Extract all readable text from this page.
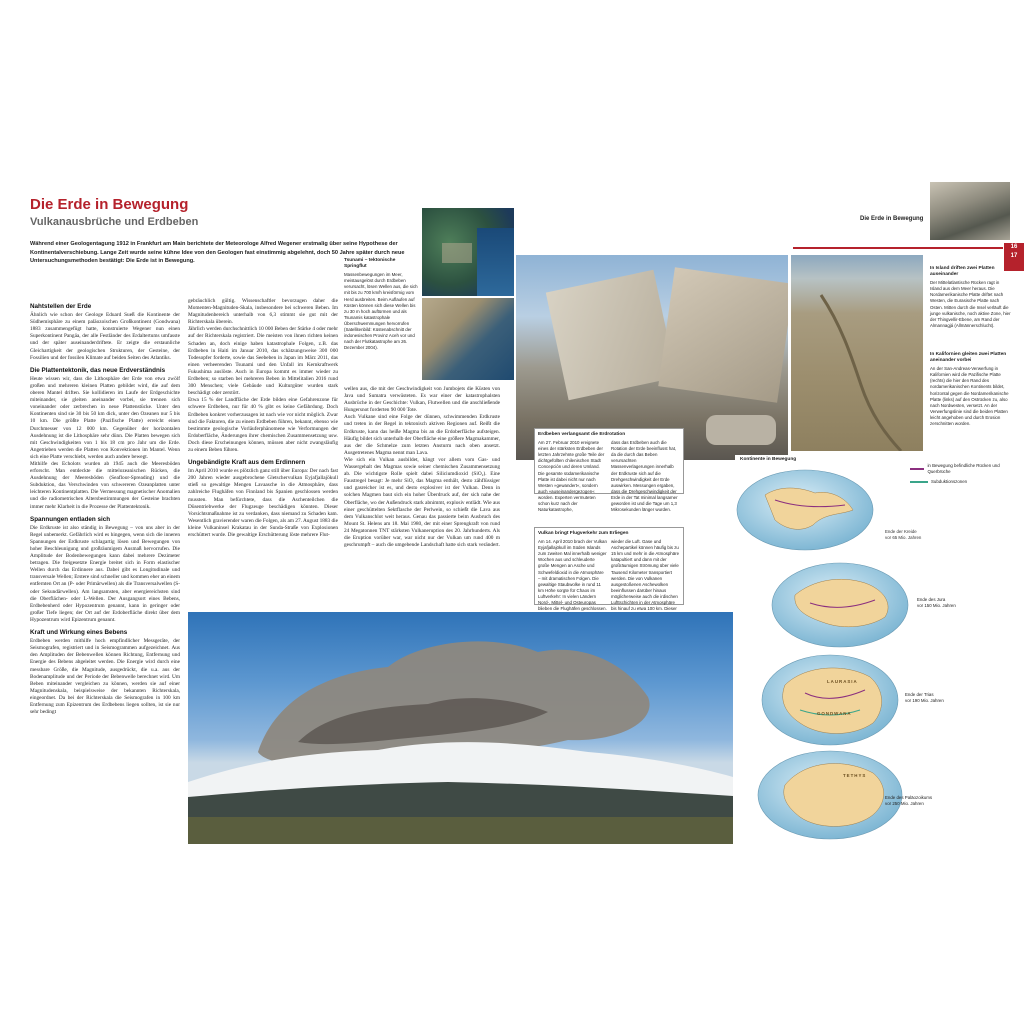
Die Erde in Bewegung
Vulkanausbrüche und Erdbeben	Die Erde in Bewegung
16
17
Während einer Geologentagung 1912 in Frankfurt am Main berichtete der Meteorologe Alfred Wegener erstmalig über seine Hypothese der Kontinentalverschiebung. Lange Zeit wurde seine kühne Idee von den Geologen fast einstimmig abgelehnt, doch 50 Jahre später durch neue Untersuchungsmethoden bestätigt: Die Erde ist in Bewegung.
Nahtstellen der Erde

Ähnlich wie schon der Geologe Eduard Sueß die Kontinente der Südhemisphäre zu einem paläozoischen Großkontinent (Gondwana) 1883 zusammengefügt hatte, konstruierte Wegener nun einen Superkontinent Pangäa, der alle Festländer des Erdaltertums umfasste und der später auseinanderdriftete. Er zeigte die erstaunliche Gleichartigkeit der geologischen Strukturen, der Gesteine, der Fossilien und der fossilen Klimate auf beiden Seiten des Atlantiks.

Die Plattentektonik, das neue Erdverständnis

Heute wissen wir, dass die Lithosphäre der Erde von etwa zwölf großen und mehreren kleinen Platten gebildet wird, die auf dem oberen Mantel driften. Sie kollidieren im Laufe der Erdgeschichte miteinander, sie gleiten aneinander vorbei, sie trennen sich voneinander oder zerbrechen in neue Plattenstücke. Unter den Kontinenten sind sie 30 bis 50 km dick, unter den Ozeanen nur 5 bis 10 km. Die größte Platte (Pazifische Platte) erreicht einen Durchmesser von 12 000 km. Gegenüber der horizontalen Ausdehnung ist die Lithosphäre sehr dünn. Die Platten bewegen sich mit Geschwindigkeiten von 1 bis 18 cm pro Jahr um die Erde. Angetrieben werden die Platten von Konvektionen im Mantel. Wenn sich eine Platte verschiebt, werden auch andere bewegt.

Mithilfe des Echolots wurden ab 1945 auch die Meeresböden erforscht. Man entdeckte die mittelozeanischen Rücken, die Ausdehnung der Meeresböden (Seafloor-Spreading) und die Subduktion, das Verschwinden von schwereren Ozeanplatten unter leichteren Kontinentplatten. Die Vermessung magnetischer Anomalien und die radiometrischen Altersbestimmungen der Gesteine brachten immer mehr Klarheit in die Prozesse der Plattentektonik.

Spannungen entladen sich

Die Erdkruste ist also ständig in Bewegung – von uns aber in der Regel unbemerkt. Gefährlich wird es hingegen, wenn sich die inneren Spannungen der Erdkruste schlagartig lösen und Bewegungen von hoher Beschleunigung und großräumigem Ausmaß hervorrufen. Die Amplitude der Bodenbewegungen kann dabei mehrere Dezimeter betragen. Die freigesetzte Energie breitet sich in Form elastischer Wellen durch das Erdinnere aus. Dabei gibt es Longitudinale und transversale Wellen; Erstere sind schneller und kommen eher an einem entfernten Ort an (P- oder Primärwellen) als die Transversalwellen (S- oder Sekundärwellen). Am langsamsten, aber energiereichsten sind die Oberflächen- oder L-Wellen. Der Ausgangsort eines Bebens, Erdbebenherd oder Hypozentrum genannt, kann in geringer oder großer Tiefe liegen; der Ort auf der Erdoberfläche direkt über dem Hypozentrum wird Epizentrum genannt.

Kraft und Wirkung eines Bebens

Erdbeben werden mithilfe hoch empfindlicher Messgeräte, der Seismografen, registriert und in Seismogrammen aufgezeichnet. Aus den Amplituden der Bebenwellen können Richtung, Entfernung und Energie des Bebens abgeleitet werden. Die Energie wird durch eine messbare Größe, die Magnitude, ausgedrückt, die u.a. aus der Bodenamplitude und der Periode der Bebenwelle berechnet wird. Um Beben miteinander vergleichen zu können, werden sie auf einer Magnitudenskala, beispielsweise der bekannten Richterskala, eingeordnet. Da bei der Richterskala die Seismografen in 100 km Entfernung zum Epizentrum des Erdbebens liegen sollten, ist sie nur sehr bedingt

gebräuchlich gültig. Wissenschaftler bevorzugen daher die Momenten-Magnituden-Skala, insbesondere bei schweren Beben. Im Magnitudenbereich unterhalb von 6,3 stimmt sie gut mit der Richterskala überein.

Jährlich werden durchschnittlich 10 000 Beben der Stärke 4 oder mehr auf der Richterskala registriert. Die meisten von ihnen richten keinen Schaden an, doch einige haben katastrophale Folgen, z.B. das Erdbeben in Haiti im Januar 2010, das schätzungsweise 300 000 Todesopfer forderte, sowie das Seebeben in Japan im März 2011, das einen verheerenden Tsunami und den Unfall im Kernkraftwerk Fukushima auslöste. Auch in Europa kommt es immer wieder zu Erdbeben; so starben bei mehreren Beben in Mittelitalien 2016 rund 300 Menschen; viele Gebäude und Kulturgüter wurden stark beschädigt oder zerstört.

Etwa 15 % der Landfläche der Erde bilden eine Gefahrenzone für schwere Erdbeben, nur für 40 % gibt es keine Gefährdung. Doch Erdbeben konkret vorherzusagen ist nach wie vor nicht möglich. Zwar sind die Faktoren, die zu einem Erdbeben führen, bekannt, ebenso wie bestimmte geologische Vorläuferphänomene wie Verformungen der Erdoberfläche, Änderungen ihrer chemischen Zusammensetzung usw. Doch diese Erscheinungen können, müssen aber nicht zwangsläufig zu einem Beben führen.

Ungebändigte Kraft aus dem Erdinnern

Im April 2010 wurde es plötzlich ganz still über Europa: Der nach fast 200 Jahren wieder ausgebrochene Gletschervulkan Eyjafjallajökull stieß so gewaltige Mengen Lavaasche in die Atmosphäre, dass zahlreiche Flughäfen von Finnland bis Spanien geschlossen werden mussten. Man befürchtete, dass die Aschenteilchen die Düsentriebwerke der Flugzeuge beschädigen könnten. Dieser Vorsichtsmaßnahme ist zu verdanken, dass niemand zu Schaden kam. Wesentlich gravierender waren die Folgen, als am 27. August 1883 die kleine Vulkaninsel Krakatau in der Sunda-Straße von Explosionen erschüttert wurde. Die gewaltige Erschütterung löste mehrere Flut-

wellen aus, die mit der Geschwindigkeit von Jumbojets die Küsten von Java und Sumatra verwüsteten. Es war einer der katastrophalsten Ausbrüche in der Geschichte: Vulkan, Flutwellen und die anschließende Hungersnot forderten 90 000 Tote.

Auch Vulkane sind eine Folge der dünnen, schwimmenden Erdkruste und treten in der Regel in tektonisch aktiven Regionen auf. Reißt die Erdkruste, kann das heiße Magma bis an die Erdoberfläche aufsteigen. Häufig bildet sich unterhalb der Oberfläche eine größere Magmakammer, aus der die Schmelze zum letzten Ansturm nach oben ansetzt. Ausgetretenes Magma nennt man Lava.

Wie sich ein Vulkan ausbildet, hängt vor allem vom Gas- und Wassergehalt des Magmas sowie seiner chemischen Zusammensetzung ab. Die wichtigste Rolle spielt dabei Siliciumdioxid (SiO₂). Eine Faustregel besagt: Je mehr SiO₂ das Magma enthält, desto zähflüssiger und gasreicher ist es, und desto explosiver ist der Vulkan. Denn in solchen Magmen baut sich ein hoher Überdruck auf, der sich nahe der Oberfläche, wo der Außendruck stark abnimmt, explosiv entlädt. Wie aus einer geschüttelten Sektflasche der Perlwein, so schießt die Lava aus dem Vulkanschlot weit heraus. Genau das passierte beim Ausbruch des Mount St. Helens am 18. Mai 1980, der mit einer Sprengkraft von rund 24 Megatonnen TNT stärksten Vulkaneruption des 20. Jahrhunderts. Als die Eruption vorüber war, war nicht nur der Vulkan um rund 400 m geschrumpft – auch die umgebende Landschaft hatte sich stark verändert.

Tsunami – tektonische Springflut
Massenbewegungen im Meer, meistausgelöst durch Erdbeben verursacht, lösen Wellen aus, die sich mit bis zu 700 km/h kreisförmig vom Herd ausbreiten. Beim Auflaufen auf Küsten können sich diese Wellen bis zu 30 m hoch auftürmen und als Tsunamis katastrophale Überschwemmungen hervorrufen (Satellitenbild: Küstenabschnitt der indonesischen Provinz Aceh vor und nach der Flutkatastrophe am 26. Dezember 2004).
Erdbeben verlangsamt die Erdrotation
Am 27. Februar 2010 ereignete eines der stärksten Erdbeben der letzten Jahrzehnte große Teile der dichtgefüllten chilenischen Stadt Concepción und deren Umland. Die gesamte südamerikanische Platte ist dabei nicht nur nach Westen »gewandert«, sondern auch »auseinandergezogen« worden. Experten vermuteten schon kurz nach der Naturkatastrophe,
dass das Erdbeben auch die Rotation der Erde beeinflusst hat, da die durch das Beben verursachten Massenverlagerungen innerhalb der Erdkruste sich auf die Drehgeschwindigkeit der Erde auswirken. Messungen ergaben, dass die Drehgeschwindigkeit der Erde in der Tat minimal langsamer geworden ist und die Tage um 1,3 Mikrosekunden länger wurden.
Vulkan bringt Flugverkehr zum Erliegen
Am 14. April 2010 brach der Vulkan Eyjafjallajökull im Süden Islands zum zweiten Mal innerhalb weniger Wochen aus und schleuderte große Mengen an Asche und Schwefeldioxid in die Atmosphäre – mit dramatischen Folgen. Die gewaltige Staubwolke in rund 11 km Höhe sorgte für Chaos im Luftverkehr: In vielen Ländern Nord-, Mittel- und Osteuropas blieben die Flughäfen geschlossen.
wieder die Luft. Gase und Aschepartikel können häufig bis zu 15 km und mehr in die Atmosphäre katapultiert und dann mit der großräumigen Strömung über viele Tausend Kilometer transportiert werden. Die von Vulkanen ausgestoßenen Aschewolken beeinflussen darüber hinaus möglicherweise auch die irdischen Lufttschichten in der Atmosphäre bis hinauf zu etwa 100 km. Dieser
In Island driften zwei Platten auseinander
Der Mittelatlantische Rücken ragt in Island aus dem Meer heraus. Die Nordamerikanische Platte driftet nach Westen, die Eurasische Platte nach Osten. Mitten durch die Insel verläuft die junge vulkanische, noch aktive Zone, hier der Thingvellir-Ebene, am Rand der Almannagjá (Allmännerschlucht).
In Kalifornien gleiten zwei Platten aneinander vorbei
An der San-Andreas-Verwerfung in Kalifornien wird die Pazifische Platte (rechts) die hier den Rand des nordamerikanischen Kontinents bildet, horizontal gegen die Nordamerikanische Platte (links) auf den Ostrücken zu, also nach Nordwesten, versetzt. An der Verwerfungslinie sind die beiden Platten leicht angehoben und durch Erosion zerschnitten worden.
Kontinente in Bewegung
in Bewegung befindliche Rücken und Querbrüche
Subduktionszonen
Ende der Kreide
vor 65 Mio. Jahren
Ende des Jura
vor 150 Mio. Jahren
Ende der Trias
vor 190 Mio. Jahren
Ende des Paläozoikums
vor 250 Mio. Jahren
LAURASIA
GONDWANA
TETHYS
